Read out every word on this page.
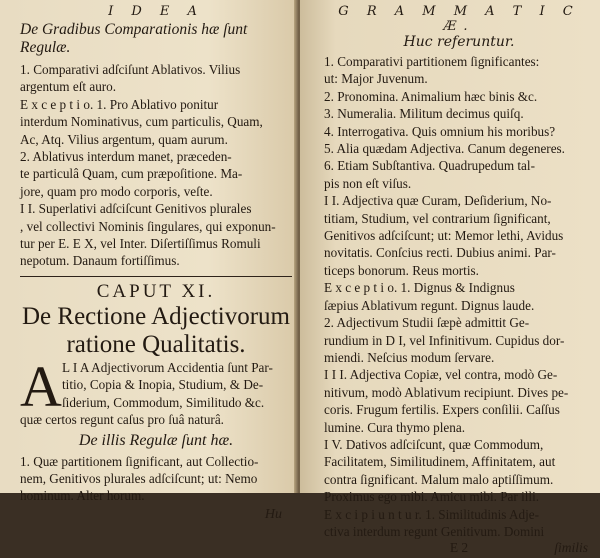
I D E A
De Gradibus Comparationis hæ ſunt Regulæ.
1. Comparativi adſciſunt Ablativos. Vilius
argentum eſt auro.
E x c e p t i o. 1. Pro Ablativo ponitur
interdum Nominativus, cum particulis, Quam,
Ac, Atq. Vilius argentum, quam aurum.
2. Ablativus interdum manet, præceden-
te particulâ Quam, cum præpoſitione. Ma-
jore, quam pro modo corporis, veſte.
I I. Superlativi adſciſcunt Genitivos plurales
, vel collectivi Nominis ſingulares, qui exponun-
tur per E. E X, vel Inter. Diſertiſſimus Romuli
nepotum. Danaum fortiſſimus.
CAPUT XI.
De Rectione Adjectivorum
ratione Qualitatis.
A L I A Adjectivorum Accidentia ſunt Par-
titio, Copia & Inopia, Studium, & De-
ſiderium, Commodum, Similitudo &c.
quæ certos regunt caſus pro ſuâ naturâ.
De illis Regulæ ſunt hæ.
1. Quæ partitionem ſignificant, aut Collectio-
nem, Genitivos plurales adſciſcunt; ut: Nemo
hominum. Alter horum.
Hu
G R A M M A T I C Æ.
Huc referuntur.
1. Comparativi partitionem ſignificantes:
ut: Major Juvenum.
2. Pronomina. Animalium hæc binis &c.
3. Numeralia. Militum decimus quiſq.
4. Interrogativa. Quis omnium his moribus?
5. Alia quædam Adjectiva. Canum degeneres.
6. Etiam Subſtantiva. Quadrupedum tal-
pis non eſt viſus.
I I. Adjectiva quæ Curam, Deſiderium, No-
titiam, Studium, vel contrarium ſignificant,
Genitivos adſciſcunt; ut: Memor lethi, Avidus
novitatis. Conſcius recti. Dubius animi. Par-
ticeps bonorum. Reus mortis.
E x c e p t i o. 1. Dignus & Indignus
ſæpius Ablativum regunt. Dignus laude.
2. Adjectivum Studii ſæpè admittit Ge-
rundium in D I, vel Infinitivum. Cupidus dor-
miendi. Neſcius modum ſervare.
I I I. Adjectiva Copiæ, vel contra, modò Ge-
nitivum, modò Ablativum recipiunt. Dives pe-
coris. Frugum fertilis. Expers conſilii. Caſſus
lumine. Cura thymo plena.
I V. Dativos adſciſcunt, quæ Commodum,
Facilitatem, Similitudinem, Affinitatem, aut
contra ſignificant. Malum malo aptiſſimum.
Proximus ego mibi. Amicu mibi. Par illi.
E x c i p i u n t u r. 1. Similitudinis Adje-
ctiva interdum regunt Genitivum. Domini
E 2	ſimilis
